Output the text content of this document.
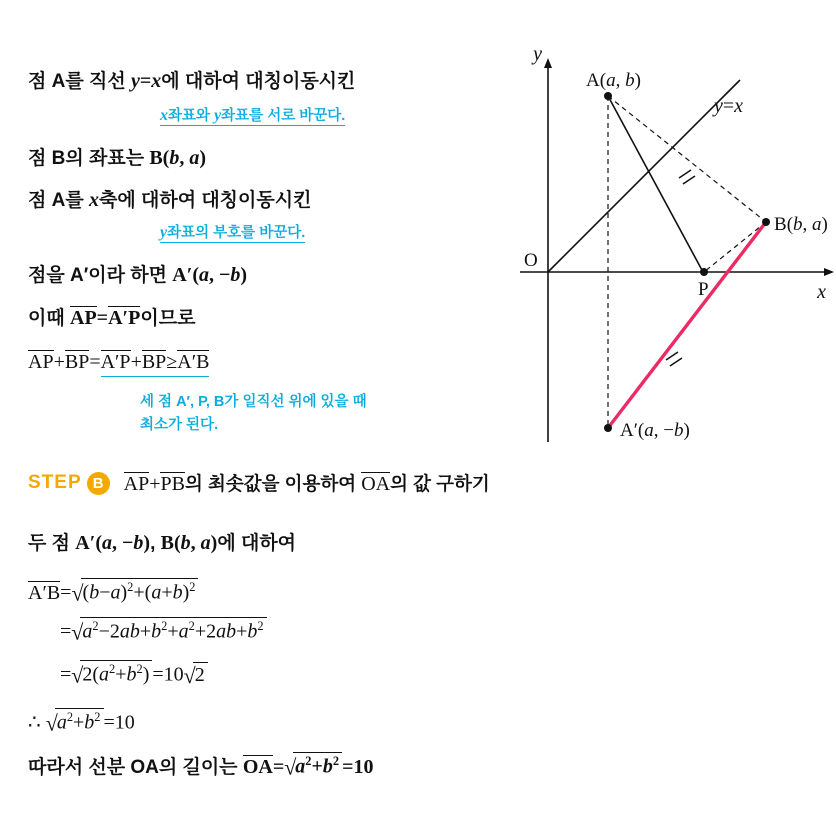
점 A를 직선 y=x에 대하여 대칭이동시킨
x좌표와 y좌표를 서로 바꾼다.
점 B의 좌표는 B(b, a)
점 A를 x축에 대하여 대칭이동시킨
y좌표의 부호를 바꾼다.
점을 A′이라 하면 A′(a, −b)
이때 AP=A′P이므로
AP+BP=A′P+BP≥A′B
세 점 A′, P, B가 일직선 위에 있을 때
최소가 된다.
STEP B	AP+PB의 최솟값을 이용하여 OA의 값 구하기
두 점 A′(a, −b), B(b, a)에 대하여
$A'B=√(b-a)^2+(a+b)^2$
$=√a^2-2ab+b^2+a^2+2ab+b^2$
$=√2(a^2+b^2) =10√2$
∴ $√a^2+b^2 =10$
따라서 선분 OA의 길이는 $OA=√a^2+b^2 =10$
y
x
O
A(a, b)
y=x
B(b, a)
P
A′(a, −b)
